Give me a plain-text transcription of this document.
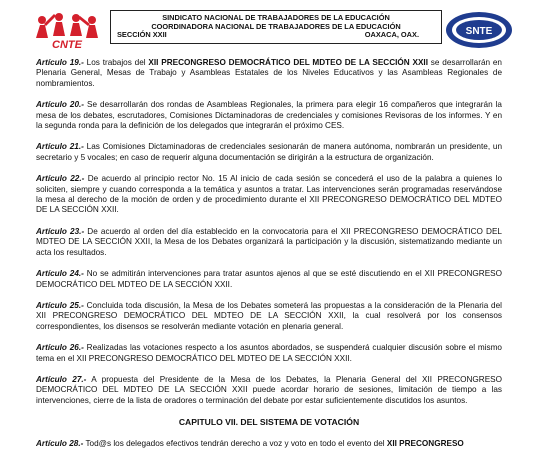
CNTE
SINDICATO NACIONAL DE TRABAJADORES DE LA EDUCACIÓN
COORDINADORA NACIONAL DE TRABAJADORES DE LA EDUCACIÓN
SECCIÓN XXII	OAXACA, OAX.	SNTE

Artículo 19.- Los trabajos del XII PRECONGRESO DEMOCRÁTICO DEL MDTEO DE LA SECCIÓN XXII se desarrollarán en Plenaria General, Mesas de Trabajo y Asambleas Estatales de los Niveles Educativos y las Asambleas Regionales de nombramientos.

Artículo 20.- Se desarrollarán dos rondas de Asambleas Regionales, la primera para elegir 16 compañeros que integrarán la mesa de los debates, escrutadores, Comisiones Dictaminadoras de credenciales y comisiones Revisoras de los informes. Y en la segunda ronda para la definición de los delegados que integrarán el próximo CES.

Artículo 21.- Las Comisiones Dictaminadoras de credenciales sesionarán de manera autónoma, nombrarán un presidente, un secretario y 5 vocales; en caso de requerir alguna documentación se dirigirán a la estructura de organización.

Artículo 22.- De acuerdo al principio rector No. 15 Al inicio de cada sesión se concederá el uso de la palabra a quienes lo soliciten, siempre y cuando corresponda a la temática y asuntos a tratar. Las intervenciones serán programadas reservándose la mesa al derecho de la moción de orden y de procedimiento durante el XII PRECONGRESO DEMOCRÁTICO DEL MDTEO DE LA SECCIÓN XXII.

Artículo 23.- De acuerdo al orden del día establecido en la convocatoria para el XII PRECONGRESO DEMOCRÁTICO DEL MDTEO DE LA SECCIÓN XXII, la Mesa de los Debates organizará la participación y la discusión, sistematizando mediante un acta los resultados.

Artículo 24.- No se admitirán intervenciones para tratar asuntos ajenos al que se esté discutiendo en el XII PRECONGRESO DEMOCRÁTICO DEL MDTEO DE LA SECCIÓN XXII.

Artículo 25.- Concluida toda discusión, la Mesa de los Debates someterá las propuestas a la consideración de la Plenaria del XII PRECONGRESO DEMOCRÁTICO DEL MDTEO DE LA SECCIÓN XXII, la cual resolverá por los consensos correspondientes, los disensos se resolverán mediante votación en plenaria general.

Artículo 26.- Realizadas las votaciones respecto a los asuntos abordados, se suspenderá cualquier discusión sobre el mismo tema en el XII PRECONGRESO DEMOCRÁTICO DEL MDTEO DE LA SECCIÓN XXII.

Artículo 27.- A propuesta del Presidente de la Mesa de los Debates, la Plenaria General del XII PRECONGRESO DEMOCRÁTICO DEL MDTEO DE LA SECCIÓN XXII puede acordar horario de sesiones, limitación de tiempo a las intervenciones, cierre de la lista de oradores o terminación del debate por estar suficientemente discutidos los asuntos.

CAPITULO VII. DEL SISTEMA DE VOTACIÓN

Artículo 28.- Tod@s los delegados efectivos tendrán derecho a voz y voto en todo el evento del XII PRECONGRESO
